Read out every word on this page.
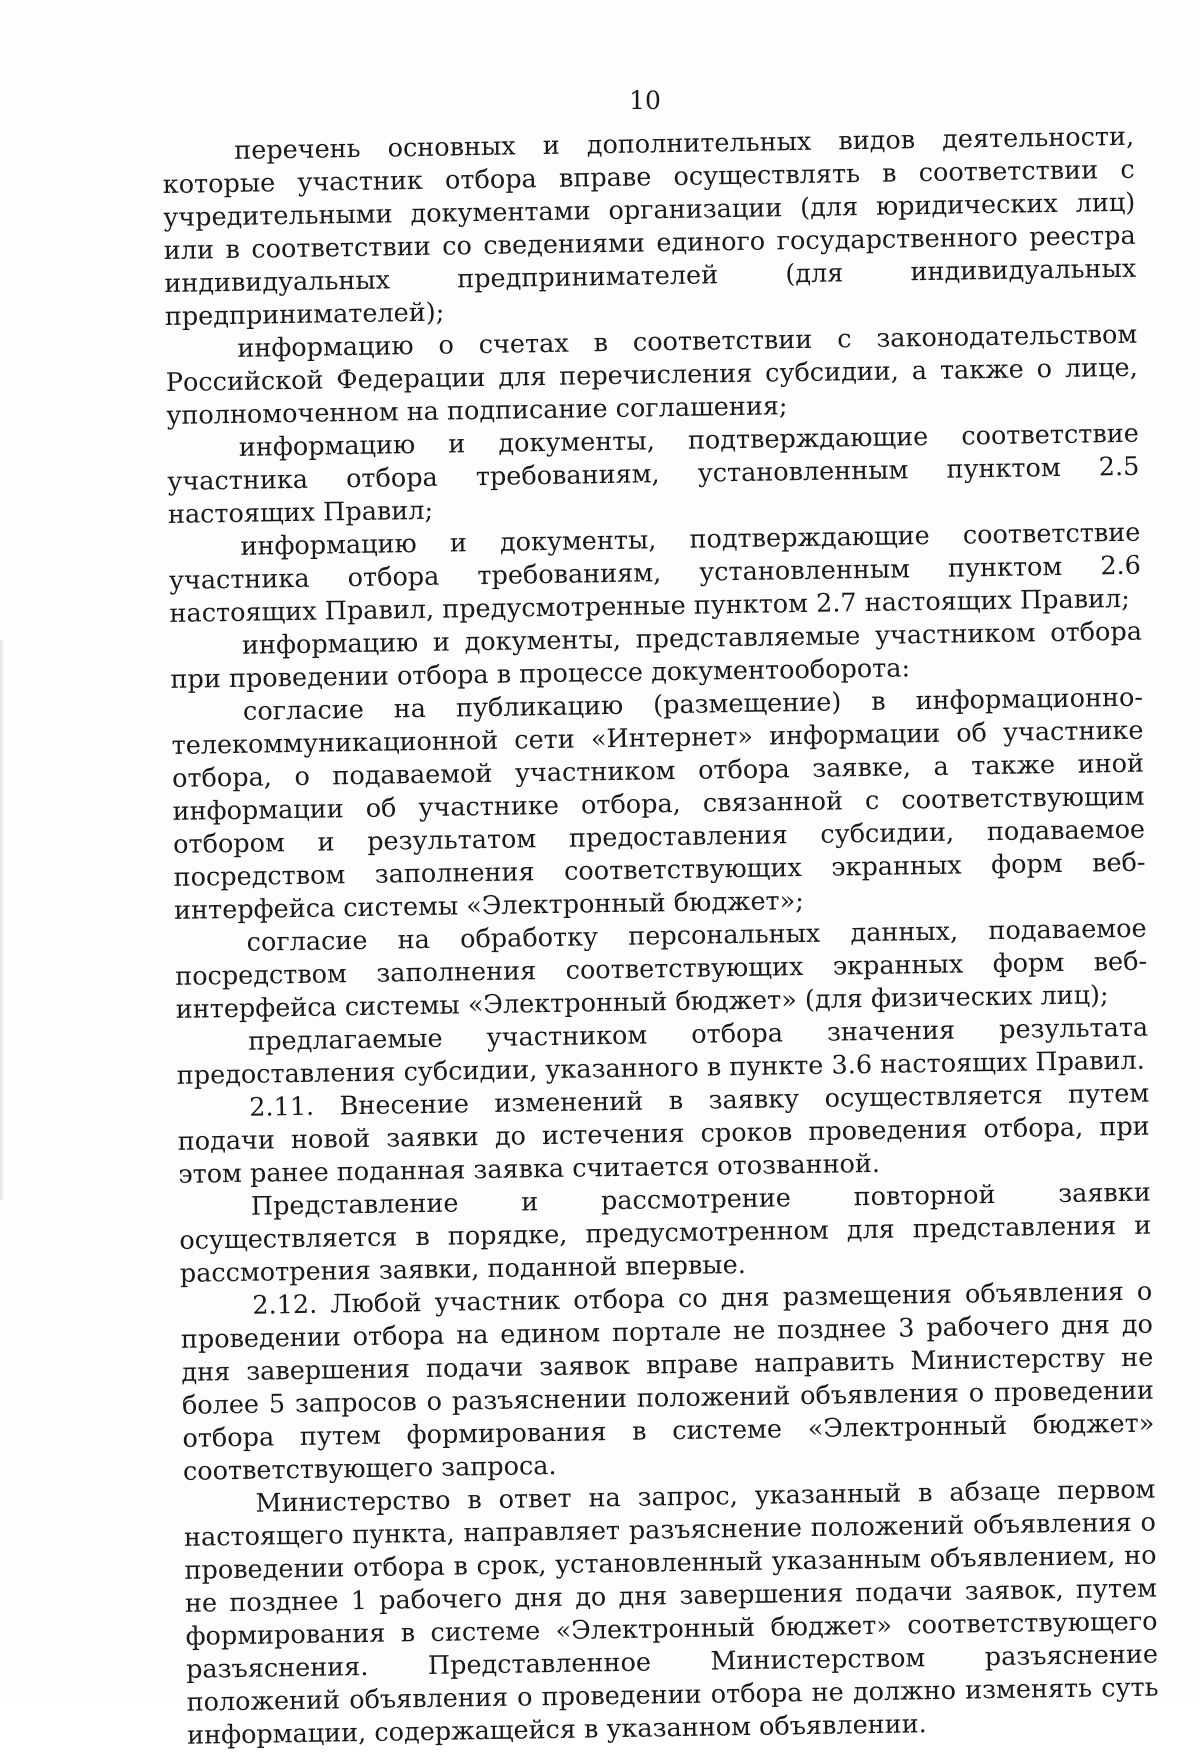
10

перечень основных и дополнительных видов деятельности, которые участник отбора вправе осуществлять в соответствии с учредительными документами организации (для юридических лиц) или в соответствии со сведениями единого государственного реестра индивидуальных предпринимателей (для индивидуальных предпринимателей);

информацию о счетах в соответствии с законодательством Российской Федерации для перечисления субсидии, а также о лице, уполномоченном на подписание соглашения;

информацию и документы, подтверждающие соответствие участника отбора требованиям, установленным пунктом 2.5 настоящих Правил;

информацию и документы, подтверждающие соответствие участника отбора требованиям, установленным пунктом 2.6 настоящих Правил, предусмотренные пунктом 2.7 настоящих Правил;

информацию и документы, представляемые участником отбора при проведении отбора в процессе документооборота:

согласие на публикацию (размещение) в информационно-телекоммуникационной сети «Интернет» информации об участнике отбора, о подаваемой участником отбора заявке, а также иной информации об участнике отбора, связанной с соответствующим отбором и результатом предоставления субсидии, подаваемое посредством заполнения соответствующих экранных форм веб-интерфейса системы «Электронный бюджет»;

согласие на обработку персональных данных, подаваемое посредством заполнения соответствующих экранных форм веб-интерфейса системы «Электронный бюджет» (для физических лиц);

предлагаемые участником отбора значения результата предоставления субсидии, указанного в пункте 3.6 настоящих Правил.

2.11. Внесение изменений в заявку осуществляется путем подачи новой заявки до истечения сроков проведения отбора, при этом ранее поданная заявка считается отозванной.

Представление и рассмотрение повторной заявки осуществляется в порядке, предусмотренном для представления и рассмотрения заявки, поданной впервые.

2.12. Любой участник отбора со дня размещения объявления о проведении отбора на едином портале не позднее 3 рабочего дня до дня завершения подачи заявок вправе направить Министерству не более 5 запросов о разъяснении положений объявления о проведении отбора путем формирования в системе «Электронный бюджет» соответствующего запроса.

Министерство в ответ на запрос, указанный в абзаце первом настоящего пункта, направляет разъяснение положений объявления о проведении отбора в срок, установленный указанным объявлением, но не позднее 1 рабочего дня до дня завершения подачи заявок, путем формирования в системе «Электронный бюджет» соответствующего разъяснения. Представленное Министерством разъяснение положений объявления о проведении отбора не должно изменять суть информации, содержащейся в указанном объявлении.
